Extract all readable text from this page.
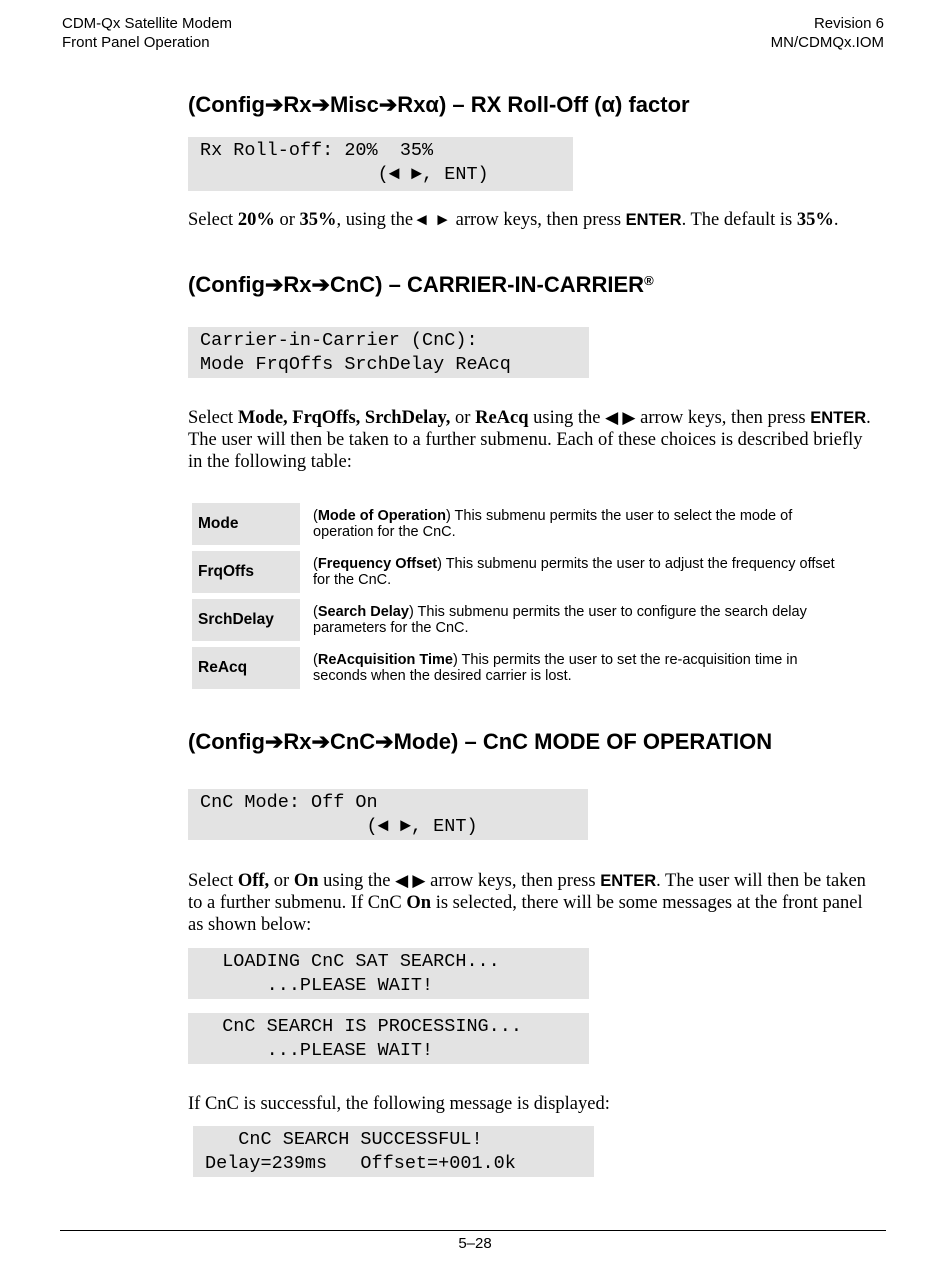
CDM-Qx Satellite Modem
Front Panel Operation
Revision 6
MN/CDMQx.IOM
(Config➔Rx➔Misc➔Rxα) – RX Roll-Off (α) factor
Rx Roll-off: 20%  35%
(◄ ►, ENT)
Select 20% or 35%, using the◄ ► arrow keys, then press ENTER. The default is 35%.
(Config➔Rx➔CnC) – CARRIER-IN-CARRIER®
Carrier-in-Carrier (CnC):
Mode FrqOffs SrchDelay ReAcq
Select Mode, FrqOffs, SrchDelay, or ReAcq using the ◀ ▶ arrow keys, then press ENTER. The user will then be taken to a further submenu. Each of these choices is described briefly in the following table:
Mode	(Mode of Operation) This submenu permits the user to select the mode of operation for the CnC.
FrqOffs	(Frequency Offset) This submenu permits the user to adjust the frequency offset for the CnC.
SrchDelay	(Search Delay) This submenu permits the user to configure the search delay parameters for the CnC.
ReAcq	(ReAcquisition Time) This permits the user to set the re-acquisition time in seconds when the desired carrier is lost.
(Config➔Rx➔CnC➔Mode) – CnC MODE OF OPERATION
CnC Mode: Off On
(◄ ►, ENT)
Select Off, or On using the ◀ ▶ arrow keys, then press ENTER. The user will then be taken to a further submenu. If CnC On is selected, there will be some messages at the front panel as shown below:
LOADING CnC SAT SEARCH...
...PLEASE WAIT!
CnC SEARCH IS PROCESSING...
...PLEASE WAIT!
If CnC is successful, the following message is displayed:
CnC SEARCH SUCCESSFUL!
Delay=239ms   Offset=+001.0k
5–28
